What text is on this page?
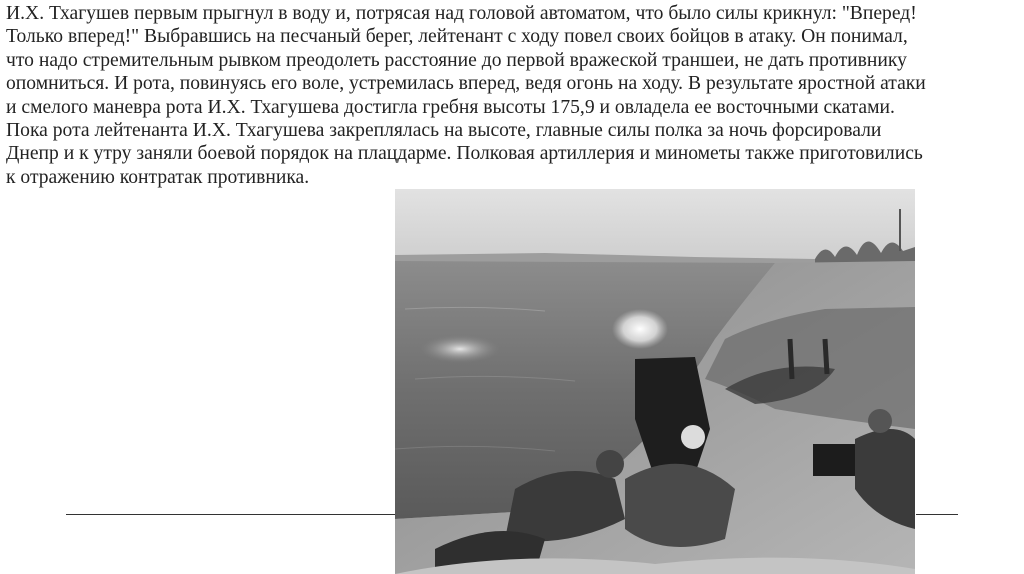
И.Х. Тхагушев первым прыгнул в воду и, потрясая над головой автоматом, что было силы крикнул: "Вперед!
Только вперед!" Выбравшись на песчаный берег, лейтенант с ходу повел своих бойцов в атаку. Он понимал,
что надо стремительным рывком преодолеть расстояние до первой вражеской траншеи, не дать противнику
опомниться. И рота, повинуясь его воле, устремилась вперед, ведя огонь на ходу. В результате яростной атаки
и смелого маневра рота И.Х. Тхагушева достигла гребня высоты 175,9 и овладела ее восточными скатами.
Пока рота лейтенанта И.Х. Тхагушева закреплялась на высоте, главные силы полка за ночь форсировали
Днепр и к утру заняли боевой порядок на плацдарме. Полковая артиллерия и минометы также приготовились
к отражению контратак противника.
